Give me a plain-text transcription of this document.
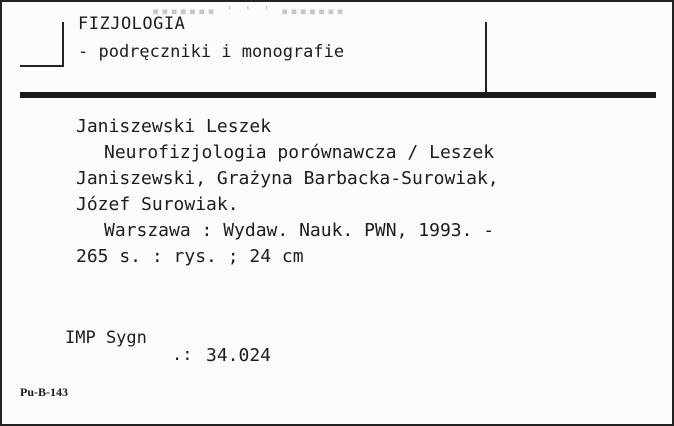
▪▪▪▪▪▪▪ ' ' ' ▪▪▪▪▪▪▪
FIZJOLOGIA
- podręczniki i monografie
Janiszewski Leszek
Neurofizjologia porównawcza / Leszek
Janiszewski, Grażyna Barbacka-Surowiak,
Józef Surowiak.
Warszawa : Wydaw. Nauk. PWN, 1993. -
265 s. : rys. ; 24 cm
IMP Sygn
.: 34.024
Pu-B-143
